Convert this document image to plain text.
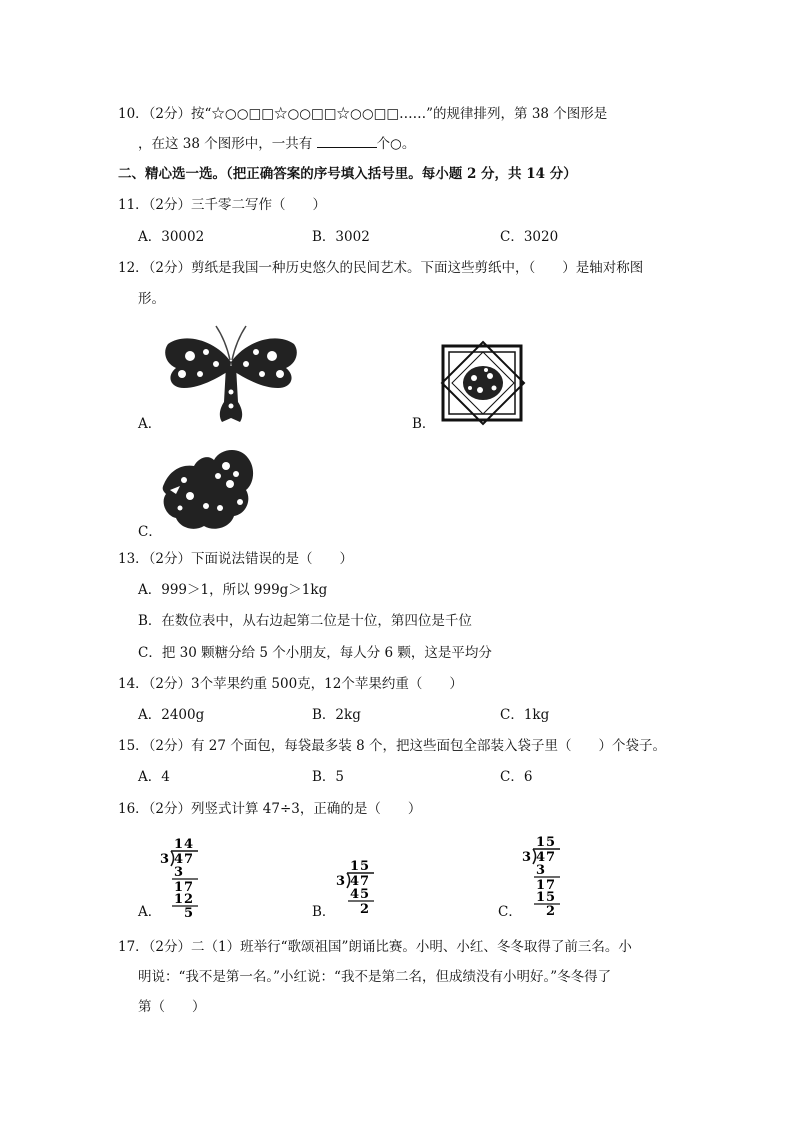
10．（2分）按“☆○○□□☆○○□□☆○○□□……”的规律排列，第 38 个图形是
，在这 38 个图形中，一共有	个○。
二、精心选一选。（把正确答案的序号填入括号里。每小题 2 分，共 14 分）
11．（2分）三千零二写作（　　）
A．30002	B．3002	C．3020
12．（2分）剪纸是我国一种历史悠久的民间艺术。下面这些剪纸中，（　　）是轴对称图
形。
A．	B．
C．
13．（2分）下面说法错误的是（　　）
A．999＞1，所以 999g＞1kg
B．在数位表中，从右边起第二位是十位，第四位是千位
C．把 30 颗糖分给 5 个小朋友，每人分 6 颗，这是平均分
14．（2分）3个苹果约重 500克，12个苹果约重（　　）
A．2400g	B．2kg	C．1kg
15．（2分）有 27 个面包，每袋最多装 8 个，把这些面包全部装入袋子里（　　）个袋子。
A．4	B．5	C．6
16．（2分）列竖式计算 47÷3，正确的是（　　）
14
3 47
3
17
12
5
A．
15
3 47
45
2
B．
15
3 47
3
17
15
2
C．
17．（2分）二（1）班举行“歌颂祖国”朗诵比赛。小明、小红、冬冬取得了前三名。小
明说：“我不是第一名。”小红说：“我不是第二名，但成绩没有小明好。”冬冬得了
第（　　）
